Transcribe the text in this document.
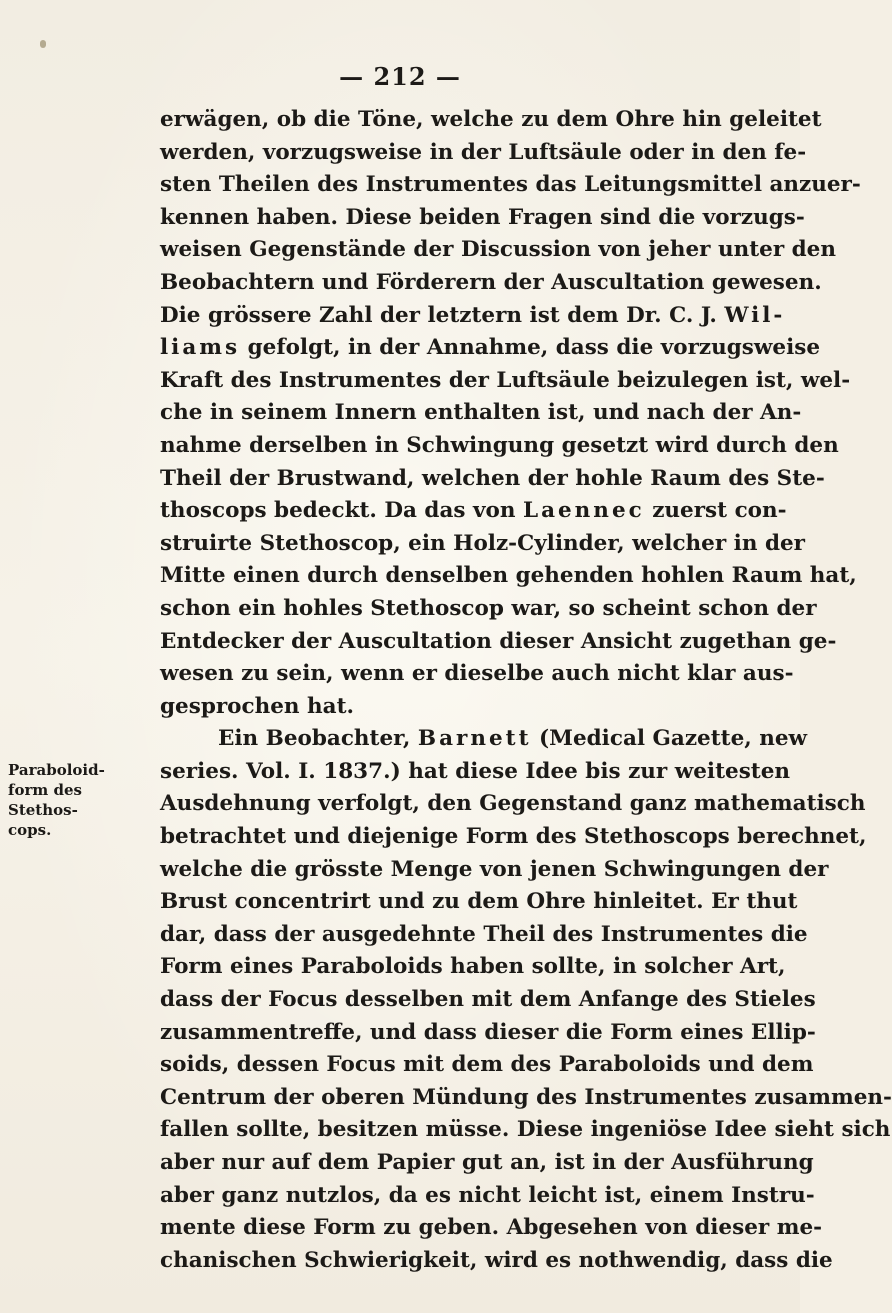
— 212 —
Paraboloid-
form des
Stethos-
cops.
erwägen, ob die Töne, welche zu dem Ohre hin geleitet
werden, vorzugsweise in der Luftsäule oder in den fe-
sten Theilen des Instrumentes das Leitungsmittel anzuer-
kennen haben. Diese beiden Fragen sind die vorzugs-
weisen Gegenstände der Discussion von jeher unter den
Beobachtern und Förderern der Auscultation gewesen.
Die grössere Zahl der letztern ist dem Dr. C. J. Wil-
liams gefolgt, in der Annahme, dass die vorzugsweise
Kraft des Instrumentes der Luftsäule beizulegen ist, wel-
che in seinem Innern enthalten ist, und nach der An-
nahme derselben in Schwingung gesetzt wird durch den
Theil der Brustwand, welchen der hohle Raum des Ste-
thoscops bedeckt. Da das von Laennec zuerst con-
struirte Stethoscop, ein Holz-Cylinder, welcher in der
Mitte einen durch denselben gehenden hohlen Raum hat,
schon ein hohles Stethoscop war, so scheint schon der
Entdecker der Auscultation dieser Ansicht zugethan ge-
wesen zu sein, wenn er dieselbe auch nicht klar aus-
gesprochen hat.
Ein Beobachter, Barnett (Medical Gazette, new
series. Vol. I. 1837.) hat diese Idee bis zur weitesten
Ausdehnung verfolgt, den Gegenstand ganz mathematisch
betrachtet und diejenige Form des Stethoscops berechnet,
welche die grösste Menge von jenen Schwingungen der
Brust concentrirt und zu dem Ohre hinleitet. Er thut
dar, dass der ausgedehnte Theil des Instrumentes die
Form eines Paraboloids haben sollte, in solcher Art,
dass der Focus desselben mit dem Anfange des Stieles
zusammentreffe, und dass dieser die Form eines Ellip-
soids, dessen Focus mit dem des Paraboloids und dem
Centrum der oberen Mündung des Instrumentes zusammen-
fallen sollte, besitzen müsse. Diese ingeniöse Idee sieht sich
aber nur auf dem Papier gut an, ist in der Ausführung
aber ganz nutzlos, da es nicht leicht ist, einem Instru-
mente diese Form zu geben. Abgesehen von dieser me-
chanischen Schwierigkeit, wird es nothwendig, dass die
